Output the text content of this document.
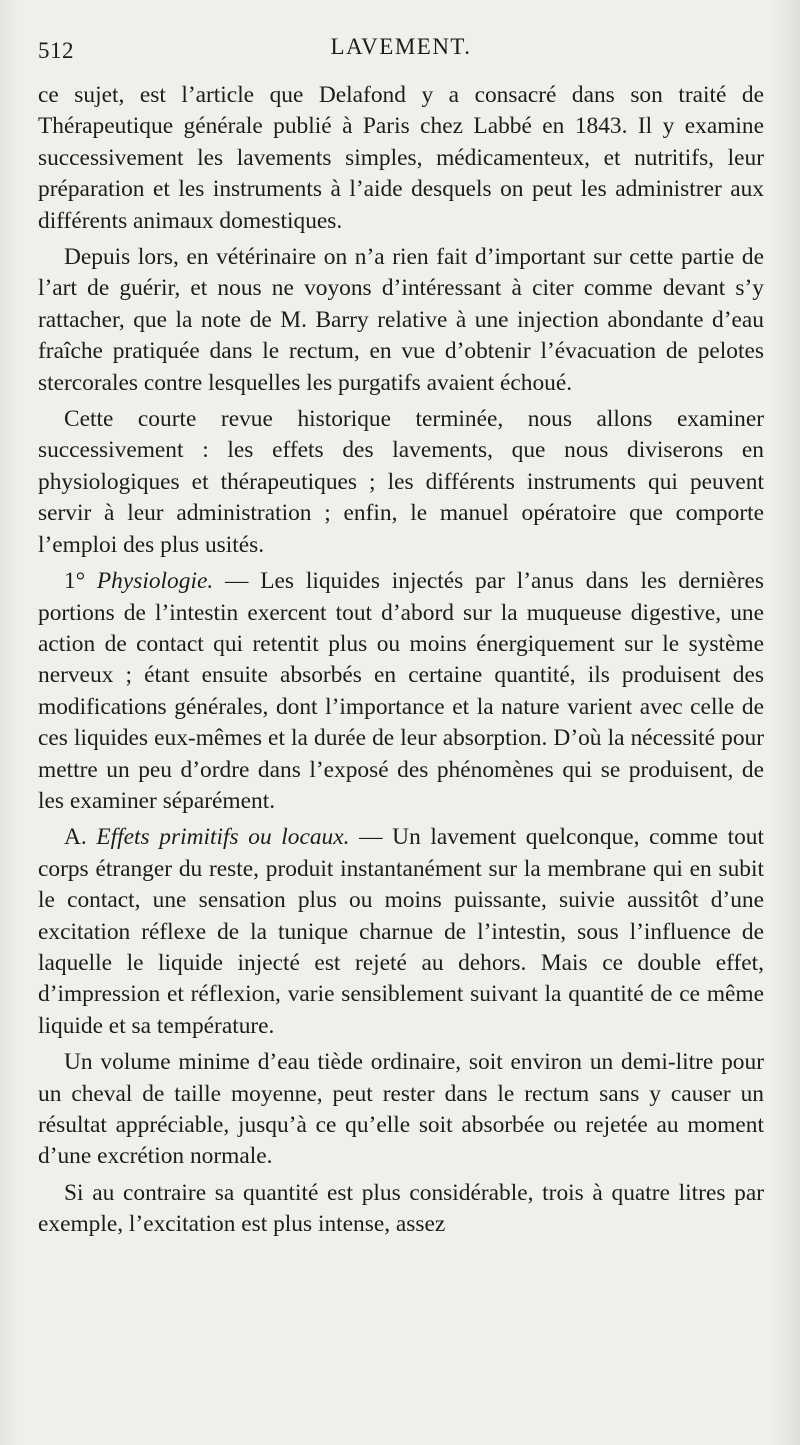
512	LAVEMENT.

ce sujet, est l’article que Delafond y a consacré dans son traité de Thérapeutique générale publié à Paris chez Labbé en 1843. Il y examine successivement les lavements simples, médicamenteux, et nutritifs, leur préparation et les instruments à l’aide desquels on peut les administrer aux différents animaux domestiques.

Depuis lors, en vétérinaire on n’a rien fait d’important sur cette partie de l’art de guérir, et nous ne voyons d’intéressant à citer comme devant s’y rattacher, que la note de M. Barry relative à une injection abondante d’eau fraîche pratiquée dans le rectum, en vue d’obtenir l’évacuation de pelotes stercorales contre lesquelles les purgatifs avaient échoué.

Cette courte revue historique terminée, nous allons examiner successivement : les effets des lavements, que nous diviserons en physiologiques et thérapeutiques ; les différents instruments qui peuvent servir à leur administration ; enfin, le manuel opératoire que comporte l’emploi des plus usités.

1° Physiologie. — Les liquides injectés par l’anus dans les dernières portions de l’intestin exercent tout d’abord sur la muqueuse digestive, une action de contact qui retentit plus ou moins énergiquement sur le système nerveux ; étant ensuite absorbés en certaine quantité, ils produisent des modifications générales, dont l’importance et la nature varient avec celle de ces liquides eux-mêmes et la durée de leur absorption. D’où la nécessité pour mettre un peu d’ordre dans l’exposé des phénomènes qui se produisent, de les examiner séparément.

A. Effets primitifs ou locaux. — Un lavement quelconque, comme tout corps étranger du reste, produit instantanément sur la membrane qui en subit le contact, une sensation plus ou moins puissante, suivie aussitôt d’une excitation réflexe de la tunique charnue de l’intestin, sous l’influence de laquelle le liquide injecté est rejeté au dehors. Mais ce double effet, d’impression et réflexion, varie sensiblement suivant la quantité de ce même liquide et sa température.

Un volume minime d’eau tiède ordinaire, soit environ un demi-litre pour un cheval de taille moyenne, peut rester dans le rectum sans y causer un résultat appréciable, jusqu’à ce qu’elle soit absorbée ou rejetée au moment d’une excrétion normale.

Si au contraire sa quantité est plus considérable, trois à quatre litres par exemple, l’excitation est plus intense, assez
